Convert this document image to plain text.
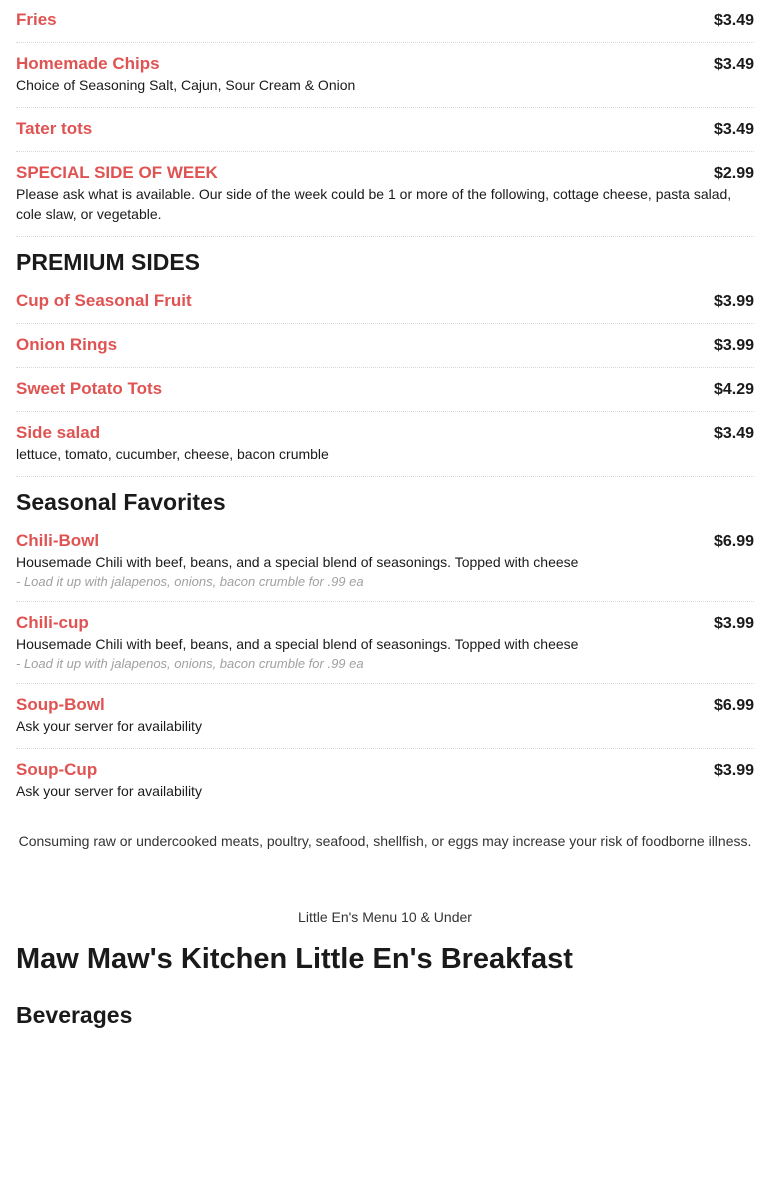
Fries	$3.49
Homemade Chips	$3.49
Choice of Seasoning Salt, Cajun, Sour Cream & Onion
Tater tots	$3.49
SPECIAL SIDE OF WEEK	$2.99
Please ask what is available. Our side of the week could be 1 or more of the following, cottage cheese, pasta salad, cole slaw, or vegetable.
PREMIUM SIDES
Cup of Seasonal Fruit	$3.99
Onion Rings	$3.99
Sweet Potato Tots	$4.29
Side salad	$3.49
lettuce, tomato, cucumber, cheese, bacon crumble
Seasonal Favorites
Chili-Bowl	$6.99
Housemade Chili with beef, beans, and a special blend of seasonings. Topped with cheese
- Load it up with jalapenos, onions, bacon crumble for .99 ea
Chili-cup	$3.99
Housemade Chili with beef, beans, and a special blend of seasonings. Topped with cheese
- Load it up with jalapenos, onions, bacon crumble for .99 ea
Soup-Bowl	$6.99
Ask your server for availability
Soup-Cup	$3.99
Ask your server for availability
Consuming raw or undercooked meats, poultry, seafood, shellfish, or eggs may increase your risk of foodborne illness.
Little En's Menu 10 & Under
Maw Maw's Kitchen Little En's Breakfast
Beverages
